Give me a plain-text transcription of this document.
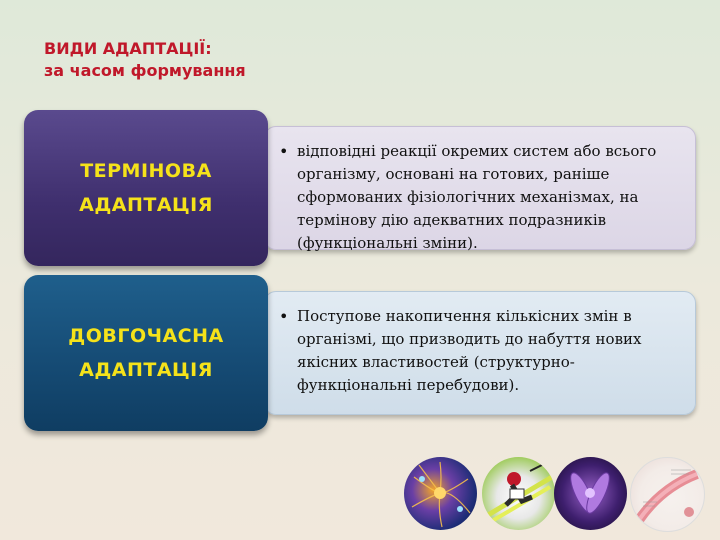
ВИДИ АДАПТАЦІЇ:
за часом формування
• відповідні реакції окремих систем або всього організму, основані на готових, раніше сформованих фізіологічних механізмах, на термінову дію адекватних подразників (функціональні зміни).
ТЕРМІНОВА
АДАПТАЦІЯ
• Поступове накопичення кількісних змін в організмі, що призводить до набуття нових якісних властивостей (структурно-функціональні перебудови).
ДОВГОЧАСНА
АДАПТАЦІЯ
